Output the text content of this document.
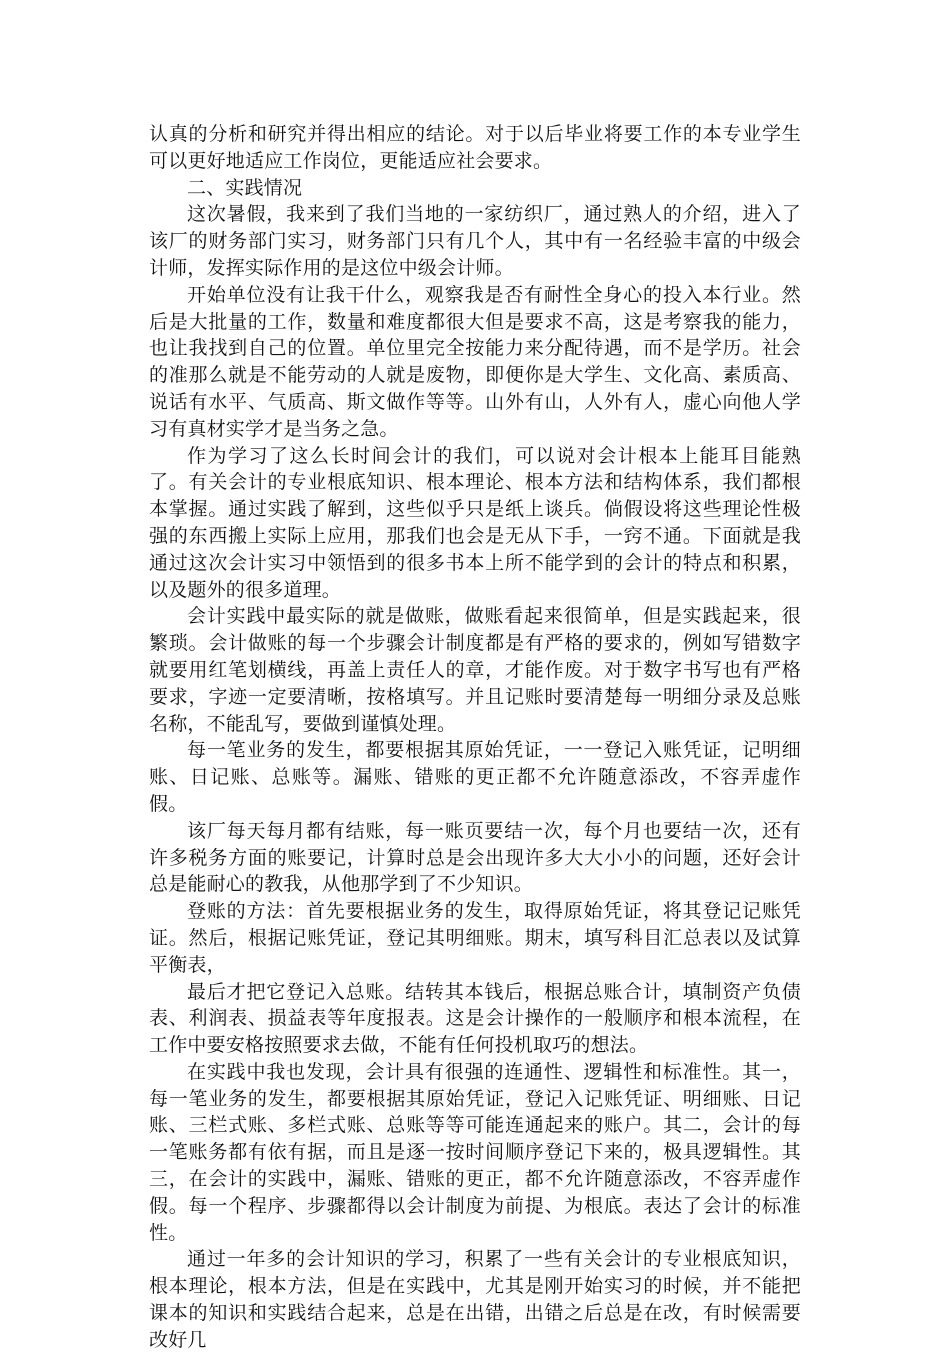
认真的分析和研究并得出相应的结论。对于以后毕业将要工作的本专业学生可以更好地适应工作岗位，更能适应社会要求。

二、实践情况

这次暑假，我来到了我们当地的一家纺织厂，通过熟人的介绍，进入了该厂的财务部门实习，财务部门只有几个人，其中有一名经验丰富的中级会计师，发挥实际作用的是这位中级会计师。

开始单位没有让我干什么，观察我是否有耐性全身心的投入本行业。然后是大批量的工作，数量和难度都很大但是要求不高，这是考察我的能力，也让我找到自己的位置。单位里完全按能力来分配待遇，而不是学历。社会的准那么就是不能劳动的人就是废物，即便你是大学生、文化高、素质高、说话有水平、气质高、斯文做作等等。山外有山，人外有人，虚心向他人学习有真材实学才是当务之急。

作为学习了这么长时间会计的我们，可以说对会计根本上能耳目能熟了。有关会计的专业根底知识、根本理论、根本方法和结构体系，我们都根本掌握。通过实践了解到，这些似乎只是纸上谈兵。倘假设将这些理论性极强的东西搬上实际上应用，那我们也会是无从下手，一窍不通。下面就是我通过这次会计实习中领悟到的很多书本上所不能学到的会计的特点和积累，以及题外的很多道理。

会计实践中最实际的就是做账，做账看起来很简单，但是实践起来，很繁琐。会计做账的每一个步骤会计制度都是有严格的要求的，例如写错数字就要用红笔划横线，再盖上责任人的章，才能作废。对于数字书写也有严格要求，字迹一定要清晰，按格填写。并且记账时要清楚每一明细分录及总账名称，不能乱写，要做到谨慎处理。

每一笔业务的发生，都要根据其原始凭证，一一登记入账凭证，记明细账、日记账、总账等。漏账、错账的更正都不允许随意添改，不容弄虚作假。

该厂每天每月都有结账，每一账页要结一次，每个月也要结一次，还有许多税务方面的账要记，计算时总是会出现许多大大小小的问题，还好会计总是能耐心的教我，从他那学到了不少知识。

登账的方法：首先要根据业务的发生，取得原始凭证，将其登记记账凭证。然后，根据记账凭证，登记其明细账。期末，填写科目汇总表以及试算平衡表，

最后才把它登记入总账。结转其本钱后，根据总账合计，填制资产负债表、利润表、损益表等年度报表。这是会计操作的一般顺序和根本流程，在工作中要安格按照要求去做，不能有任何投机取巧的想法。

在实践中我也发现，会计具有很强的连通性、逻辑性和标准性。其一，每一笔业务的发生，都要根据其原始凭证，登记入记账凭证、明细账、日记账、三栏式账、多栏式账、总账等等可能连通起来的账户。其二，会计的每一笔账务都有依有据，而且是逐一按时间顺序登记下来的，极具逻辑性。其三，在会计的实践中，漏账、错账的更正，都不允许随意添改，不容弄虚作假。每一个程序、步骤都得以会计制度为前提、为根底。表达了会计的标准性。

通过一年多的会计知识的学习，积累了一些有关会计的专业根底知识，根本理论，根本方法，但是在实践中，尤其是刚开始实习的时候，并不能把课本的知识和实践结合起来，总是在出错，出错之后总是在改，有时候需要改好几
